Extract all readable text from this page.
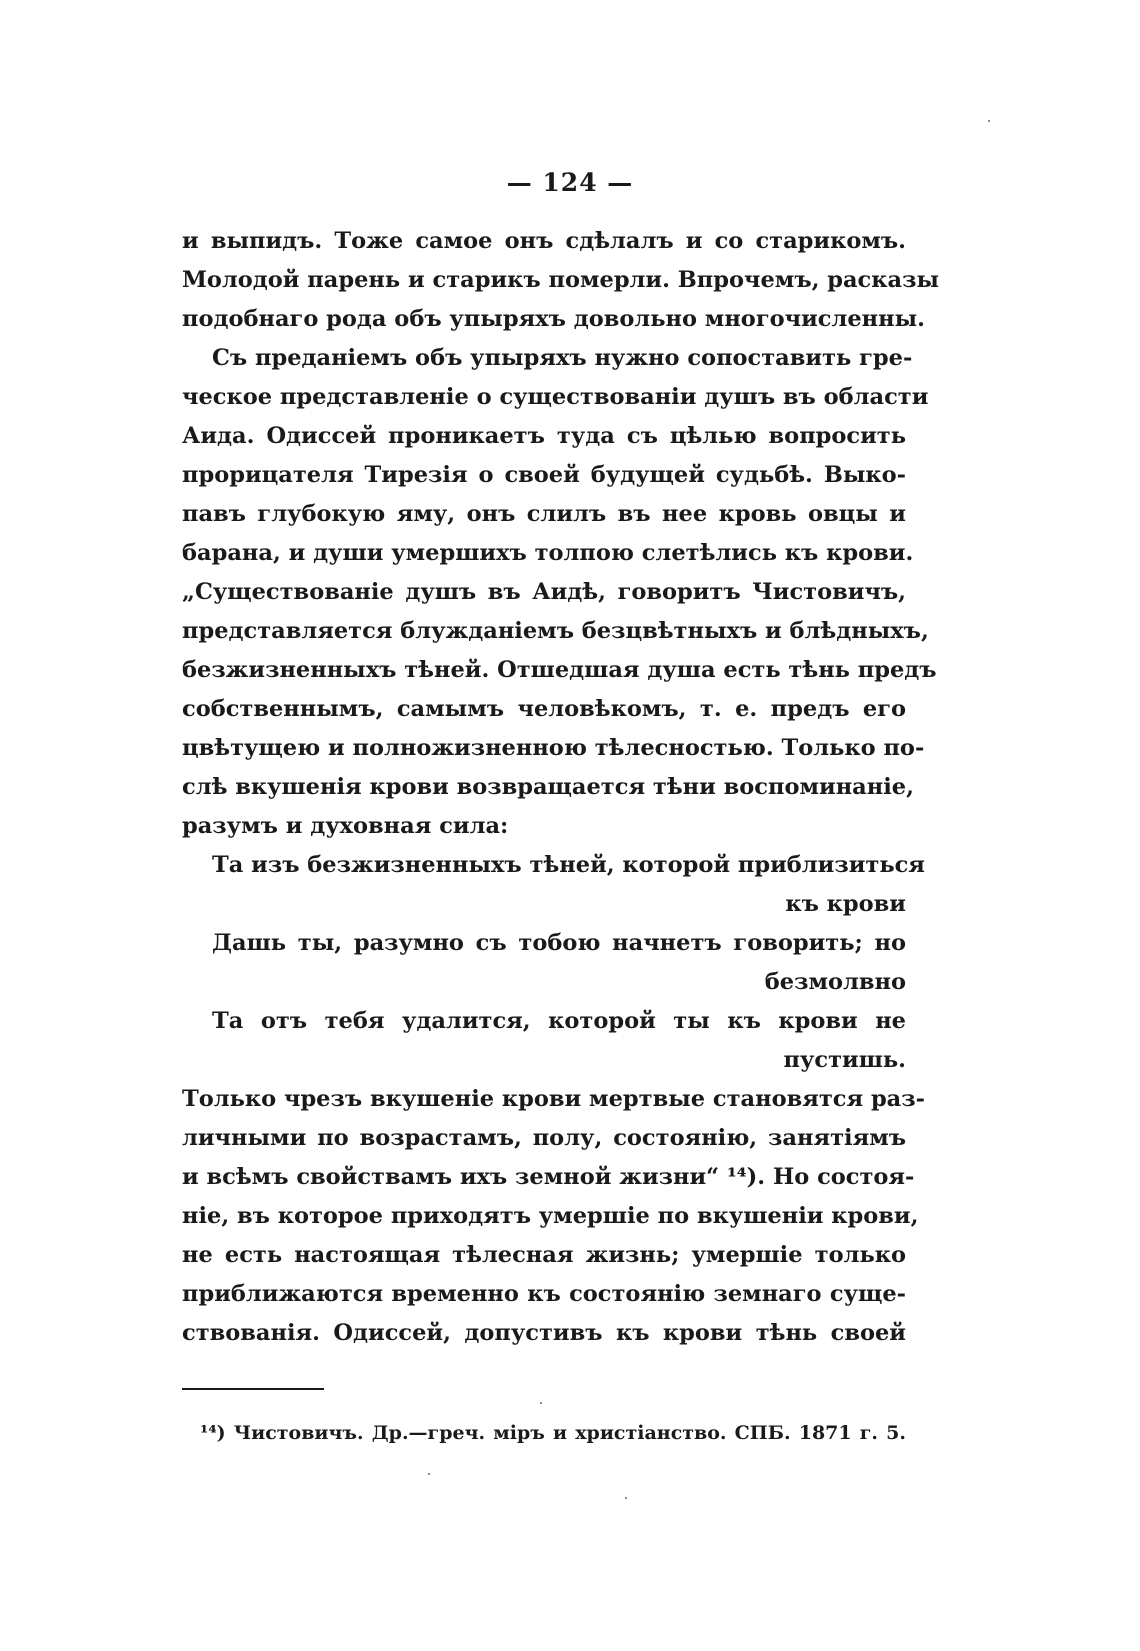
— 124 —
и выпидъ. Тоже самое онъ сдѣлалъ и со старикомъ.
Молодой парень и старикъ померли. Впрочемъ, расказы
подобнаго рода объ упыряхъ довольно многочисленны.
Съ преданіемъ объ упыряхъ нужно сопоставить гре-
ческое представленіе о существованіи душъ въ области
Аида. Одиссей проникаетъ туда съ цѣлью вопросить
прорицателя Тирезія о своей будущей судьбѣ. Выко-
павъ глубокую яму, онъ слилъ въ нее кровь овцы и
барана, и души умершихъ толпою слетѣлись къ крови.
„Существованіе душъ въ Аидѣ, говоритъ Чистовичъ,
представляется блужданіемъ безцвѣтныхъ и блѣдныхъ,
безжизненныхъ тѣней. Отшедшая душа есть тѣнь предъ
собственнымъ, самымъ человѣкомъ, т. е. предъ его
цвѣтущею и полножизненною тѣлесностью. Только по-
слѣ вкушенія крови возвращается тѣни воспоминаніе,
разумъ и духовная сила:
Та изъ безжизненныхъ тѣней, которой приблизиться
къ крови
Дашь ты, разумно съ тобою начнетъ говорить; но
безмолвно
Та отъ тебя удалится, которой ты къ крови не
пустишь.
Только чрезъ вкушеніе крови мертвые становятся раз-
личными по возрастамъ, полу, состоянію, занятіямъ
и всѣмъ свойствамъ ихъ земной жизни“ ¹⁴). Но состоя-
ніе, въ которое приходятъ умершіе по вкушеніи крови,
не есть настоящая тѣлесная жизнь; умершіе только
приближаются временно къ состоянію земнаго суще-
ствованія. Одиссей, допустивъ къ крови тѣнь своей
¹⁴) Чистовичъ. Др.—греч. міръ и христіанство. СПБ. 1871 г. 5.
